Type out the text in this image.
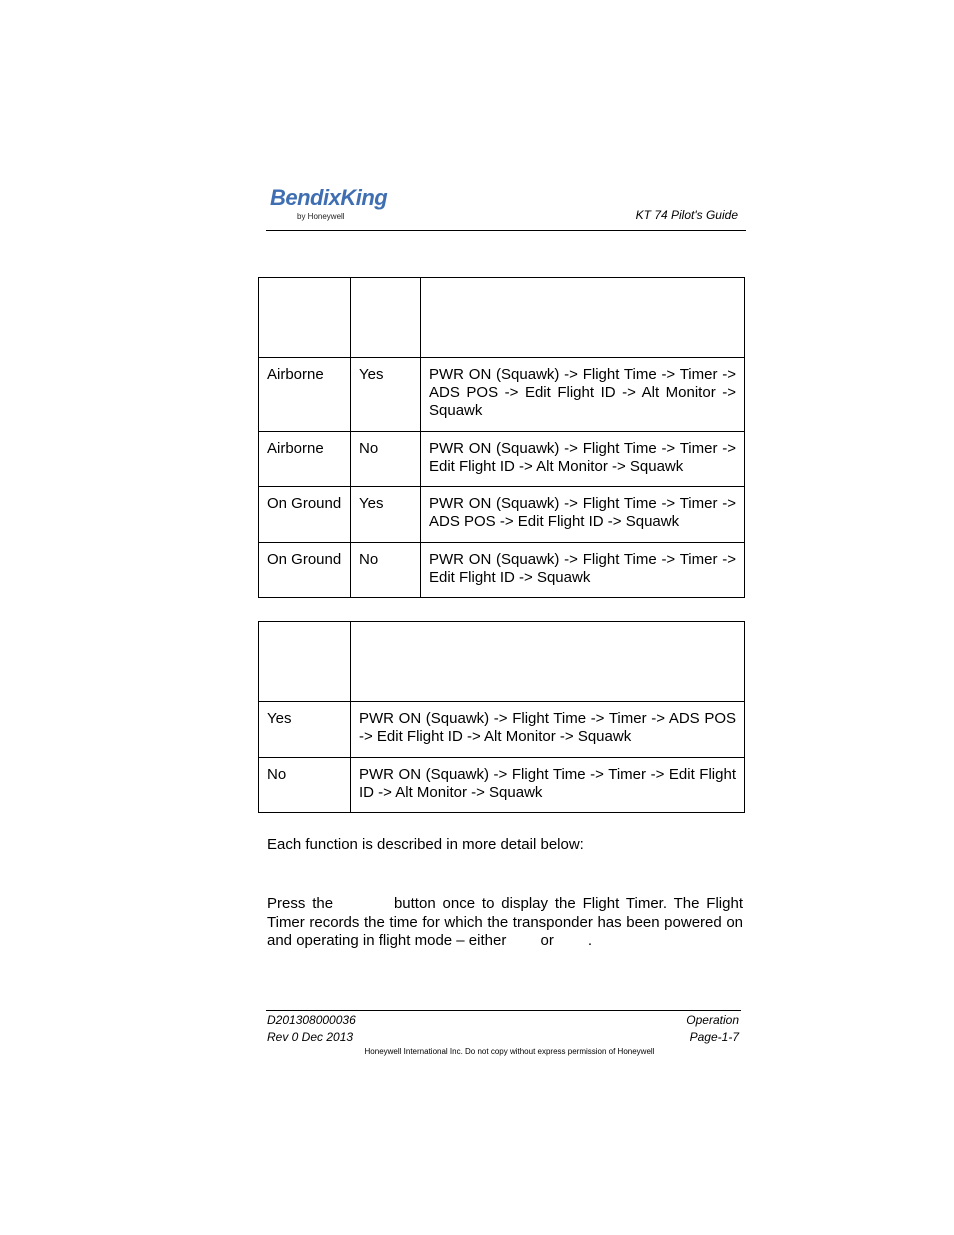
BendixKing
by Honeywell	KT 74 Pilot's Guide

Airborne	Yes	PWR ON (Squawk) -> Flight Time -> Timer -> ADS POS -> Edit Flight ID -> Alt Monitor -> Squawk
Airborne	No	PWR ON (Squawk) -> Flight Time -> Timer -> Edit Flight ID -> Alt Monitor -> Squawk
On Ground	Yes	PWR ON (Squawk) -> Flight Time -> Timer -> ADS POS -> Edit Flight ID -> Squawk
On Ground	No	PWR ON (Squawk) -> Flight Time -> Timer -> Edit Flight ID -> Squawk

Yes	PWR ON (Squawk) -> Flight Time -> Timer -> ADS POS -> Edit Flight ID -> Alt Monitor -> Squawk
No	PWR ON (Squawk) -> Flight Time -> Timer -> Edit Flight ID -> Alt Monitor -> Squawk
Each function is described in more detail below:
Press the	button once to display the Flight Timer. The Flight Timer records the time for which the transponder has been powered on and operating in flight mode – either or .
D201308000036
Rev 0 Dec 2013
Operation
Page-1-7
Honeywell International Inc. Do not copy without express permission of Honeywell
